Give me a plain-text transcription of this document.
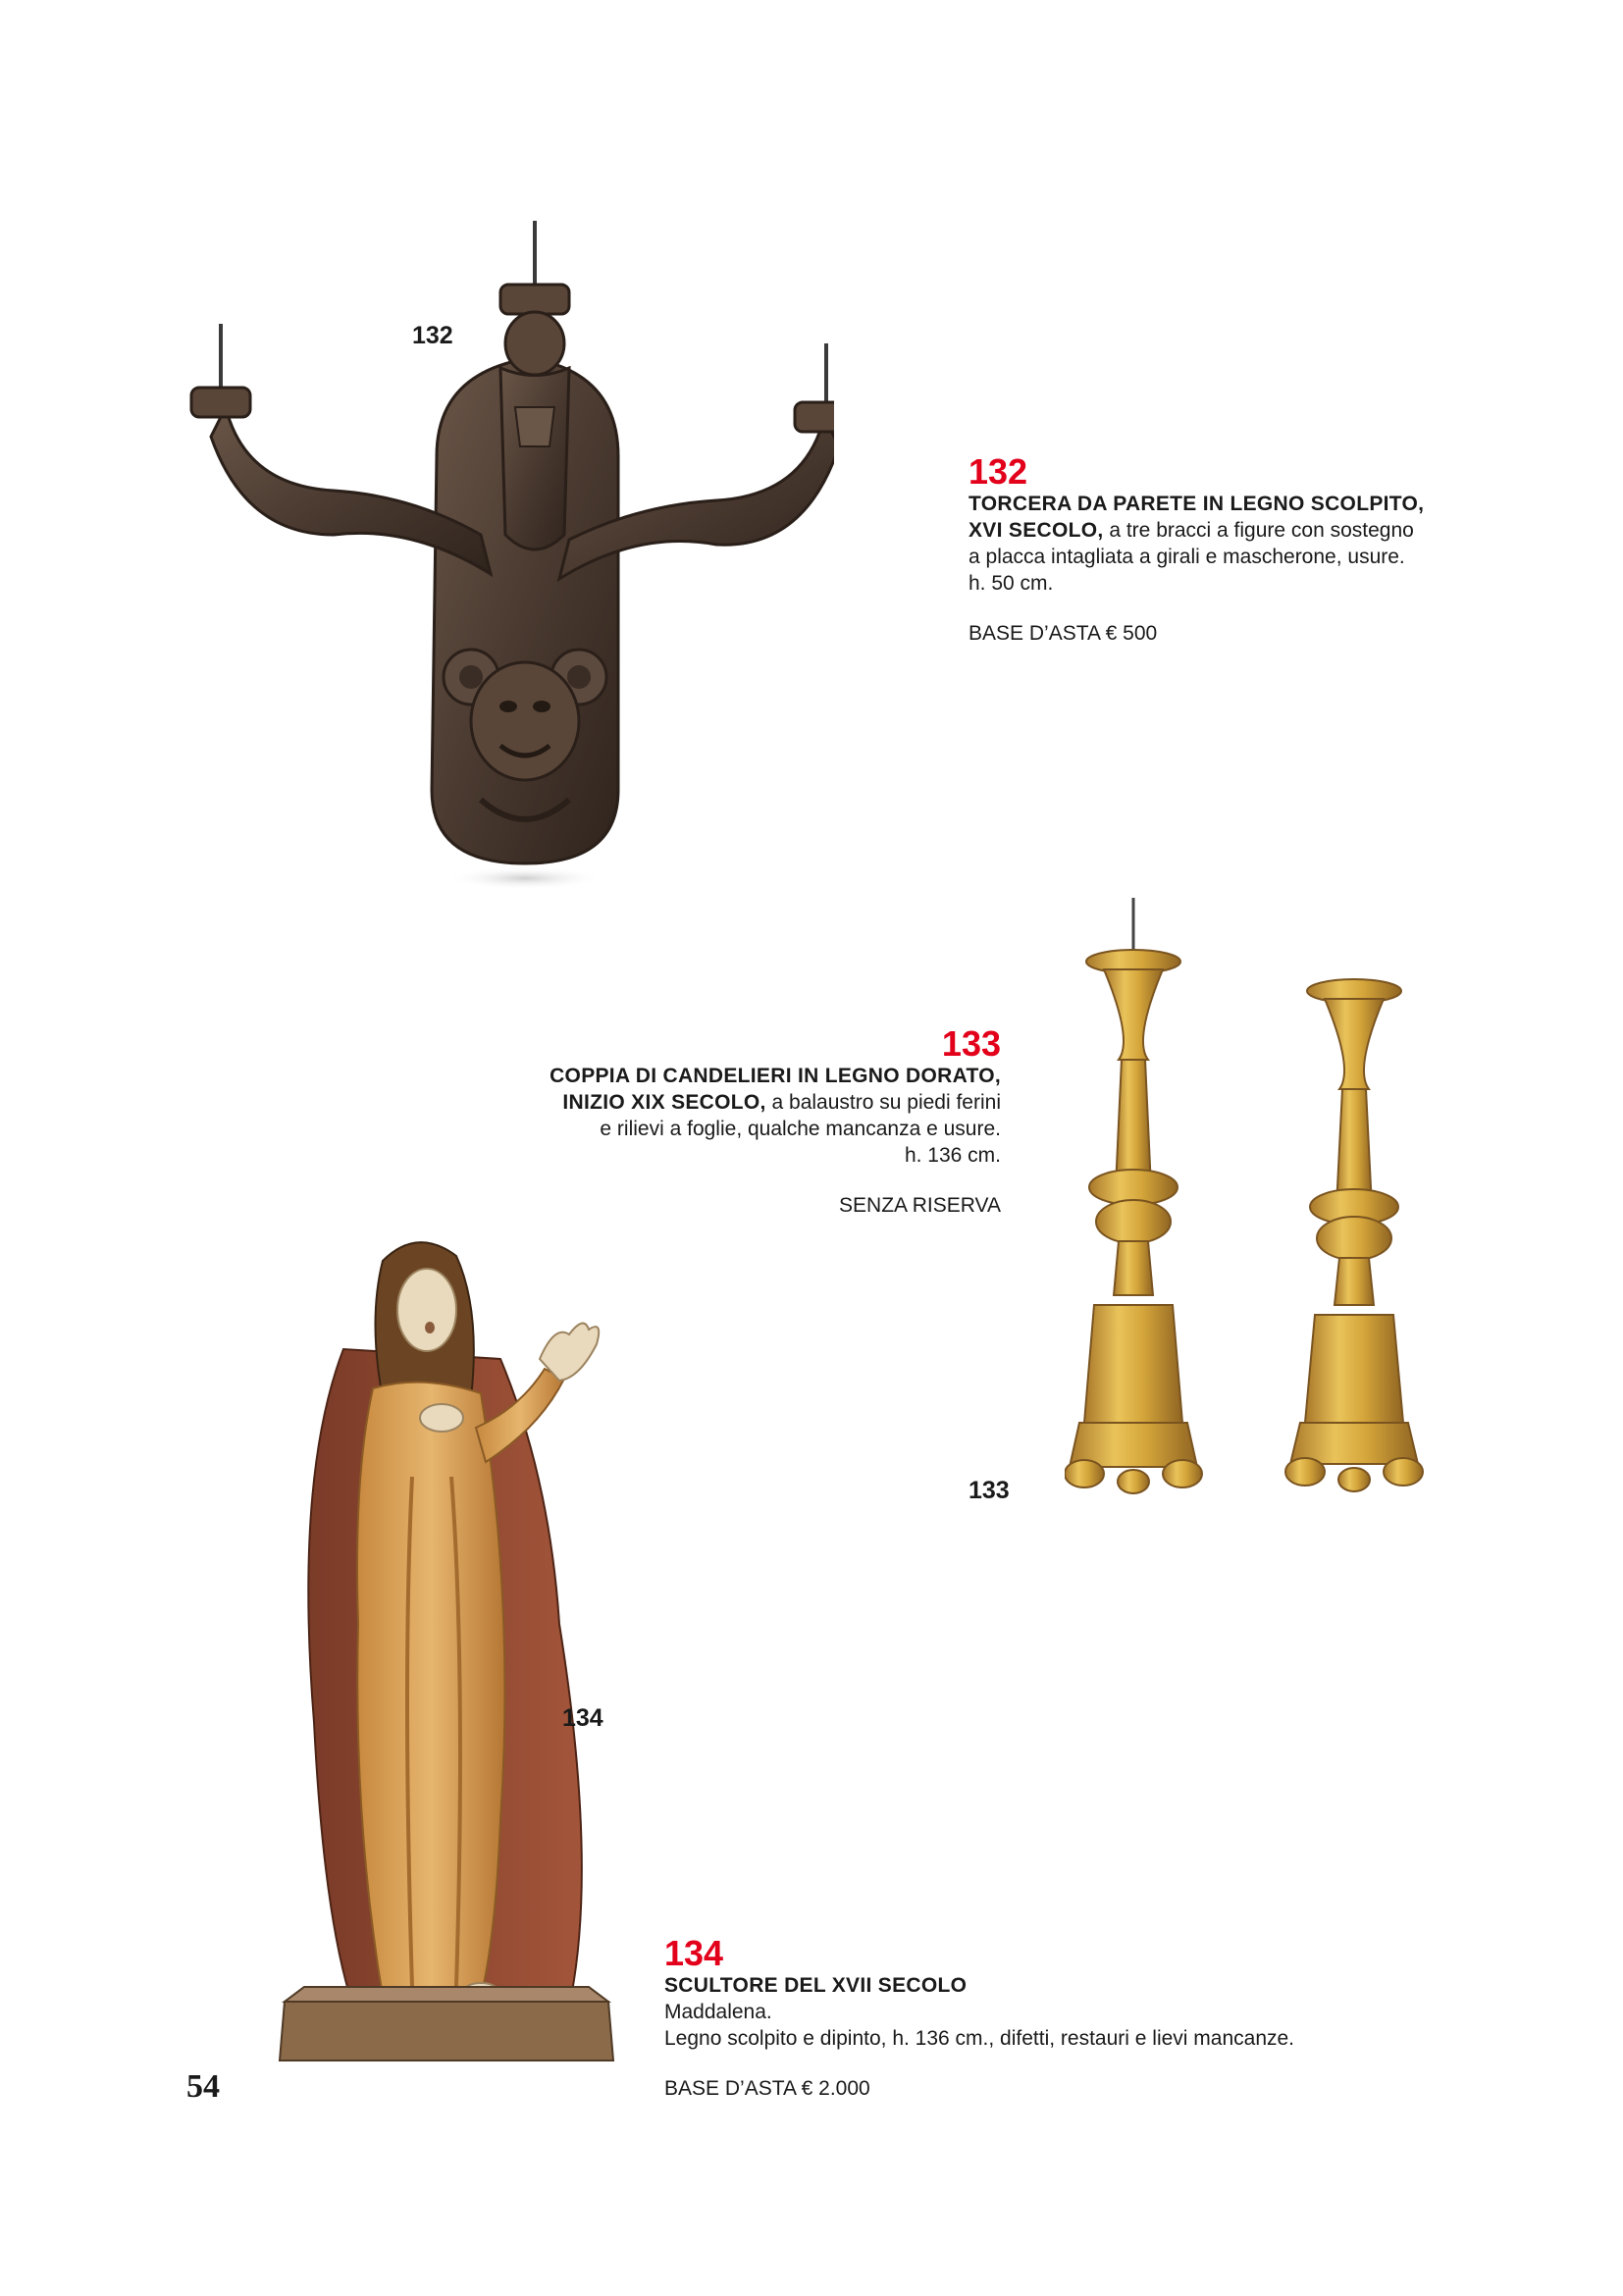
132
132
TORCERA DA PARETE IN LEGNO SCOLPITO,
XVI SECOLO, a tre bracci a figure con sostegno
a placca intagliata a girali e mascherone, usure.
h. 50 cm.
BASE D’ASTA € 500
133
COPPIA DI CANDELIERI IN LEGNO DORATO,
INIZIO XIX SECOLO, a balaustro su piedi ferini
e rilievi a foglie, qualche mancanza e usure.
h. 136 cm.
SENZA RISERVA
133
134
134
SCULTORE DEL XVII SECOLO
Maddalena.
Legno scolpito e dipinto, h. 136 cm., difetti, restauri e lievi mancanze.
BASE D’ASTA € 2.000
54
